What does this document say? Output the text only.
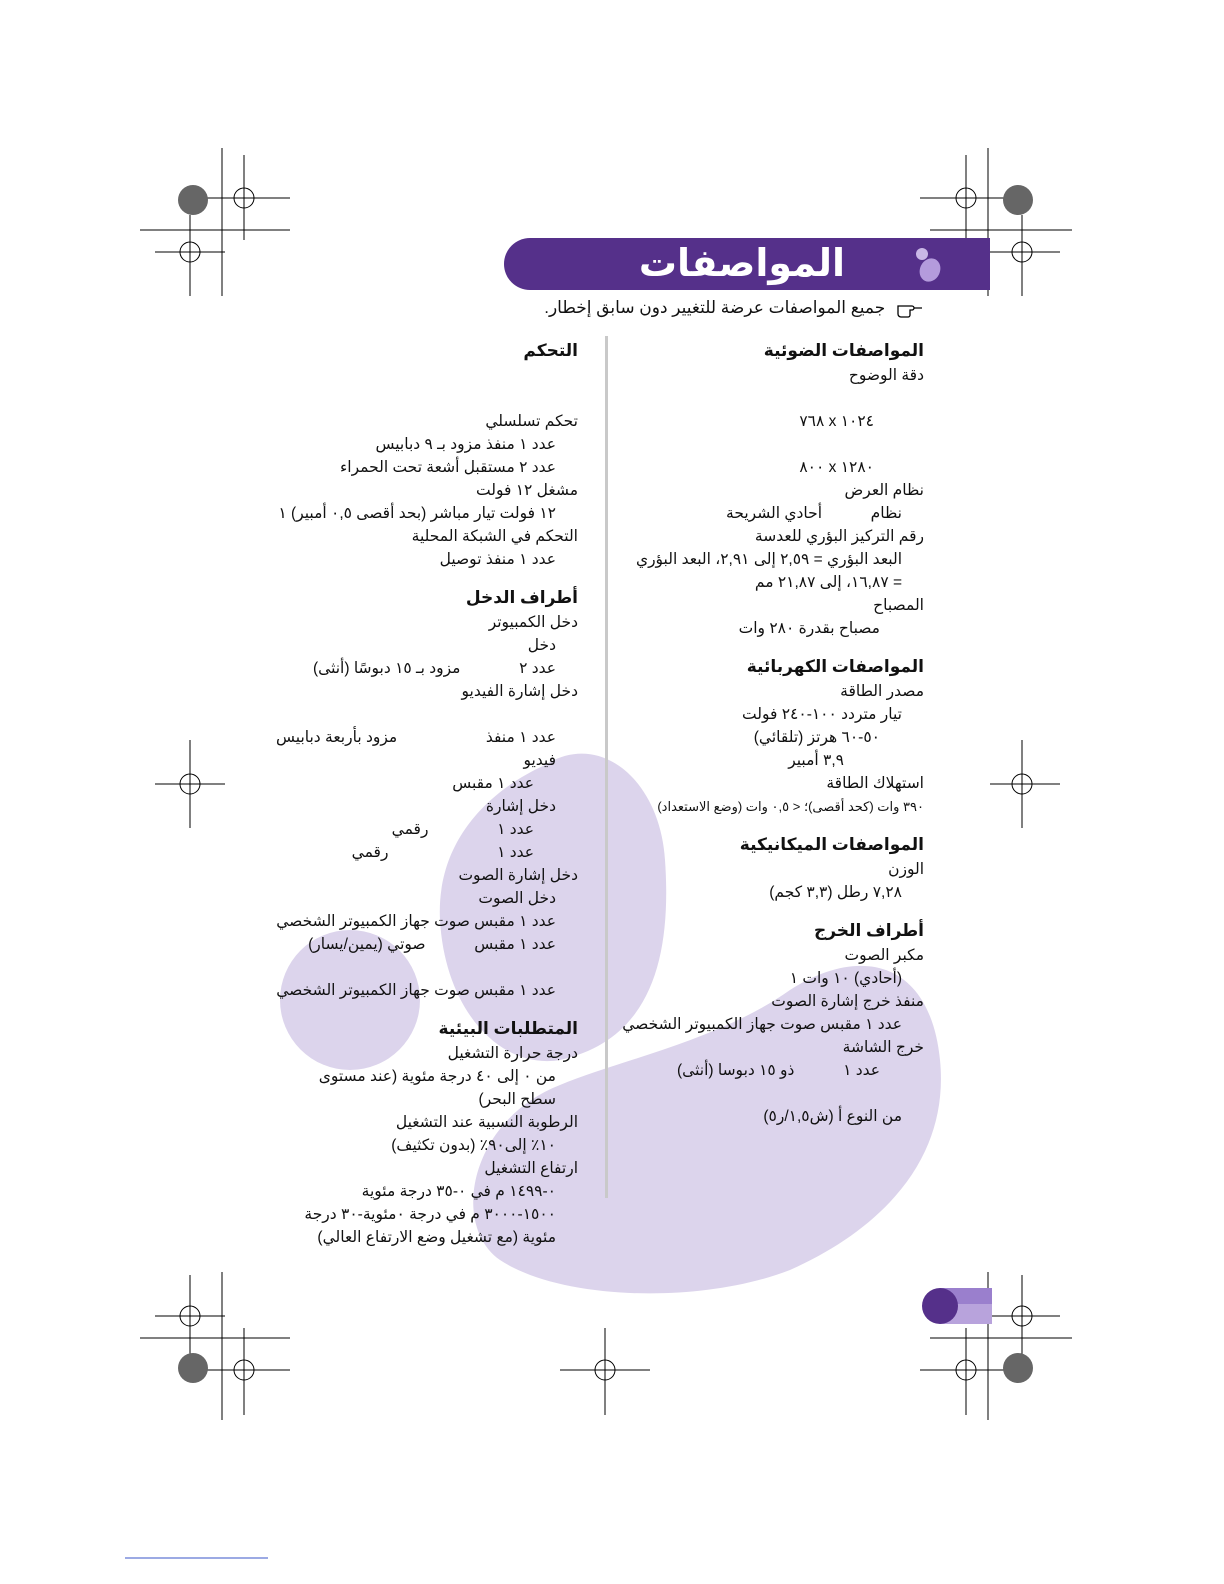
المواصفات
جميع المواصفات عرضة للتغيير دون سابق إخطار.
المواصفات الضوئية
دقة الوضوح
١٠٢٤ x ٧٦٨
١٢٨٠ x ٨٠٠
نظام العرض
نظام  أحادي الشريحة
رقم التركيز البؤري للعدسة
البعد البؤري = ٢,٥٩ إلى ٢,٩١، البعد البؤري
= ١٦,٨٧، إلى ٢١,٨٧ مم
المصباح
مصباح بقدرة ٢٨٠ وات
المواصفات الكهربائية
مصدر الطاقة
تيار متردد ١٠٠-٢٤٠ فولت
٥٠-٦٠ هرتز (تلقائي)
٣,٩ أمبير
استهلاك الطاقة
٣٩٠ وات (كحد أقصى)؛ < ٠,٥ وات (وضع الاستعداد)
المواصفات الميكانيكية
الوزن
٧,٢٨ رطل (٣,٣ كجم)
أطراف الخرج
مكبر الصوت
(أحادي) ١٠ وات ١
منفذ خرج إشارة الصوت
عدد ١ مقبس صوت جهاز الكمبيوتر الشخصي
خرج الشاشة
عدد ١  ذو ١٥ دبوسا (أنثى)
من النوع أ (ش١,٥/ر٥)
التحكم
تحكم تسلسلي
عدد ١ منفذ مزود بـ ٩ دبابيس
عدد ٢ مستقبل أشعة تحت الحمراء
مشغل ١٢ فولت
١٢ فولت تيار مباشر (بحد أقصى ٠,٥ أمبير) ١
التحكم في الشبكة المحلية
عدد ١ منفذ توصيل
أطراف الدخل
دخل الكمبيوتر
دخل
عدد ٢  مزود بـ ١٥ دبوسًا (أنثى)
دخل إشارة الفيديو
عدد ١ منفذ  مزود بأربعة دبابيس
فيديو
عدد ١ مقبس
دخل إشارة
عدد ١  رقمي
عدد ١  رقمي
دخل إشارة الصوت
دخل الصوت
عدد ١ مقبس صوت جهاز الكمبيوتر الشخصي
عدد ١ مقبس  صوتي (يمين/يسار)
عدد ١ مقبس صوت جهاز الكمبيوتر الشخصي
المتطلبات البيئية
درجة حرارة التشغيل
من ٠ إلى ٤٠ درجة مئوية (عند مستوى
سطح البحر)
الرطوبة النسبية عند التشغيل
١٠٪ إلى٩٠٪ (بدون تكثيف)
ارتفاع التشغيل
٠-١٤٩٩ م في ٠-٣٥ درجة مئوية
١٥٠٠-٣٠٠٠ م في درجة ٠مئوية-٣٠ درجة
مئوية (مع تشغيل وضع الارتفاع العالي)
